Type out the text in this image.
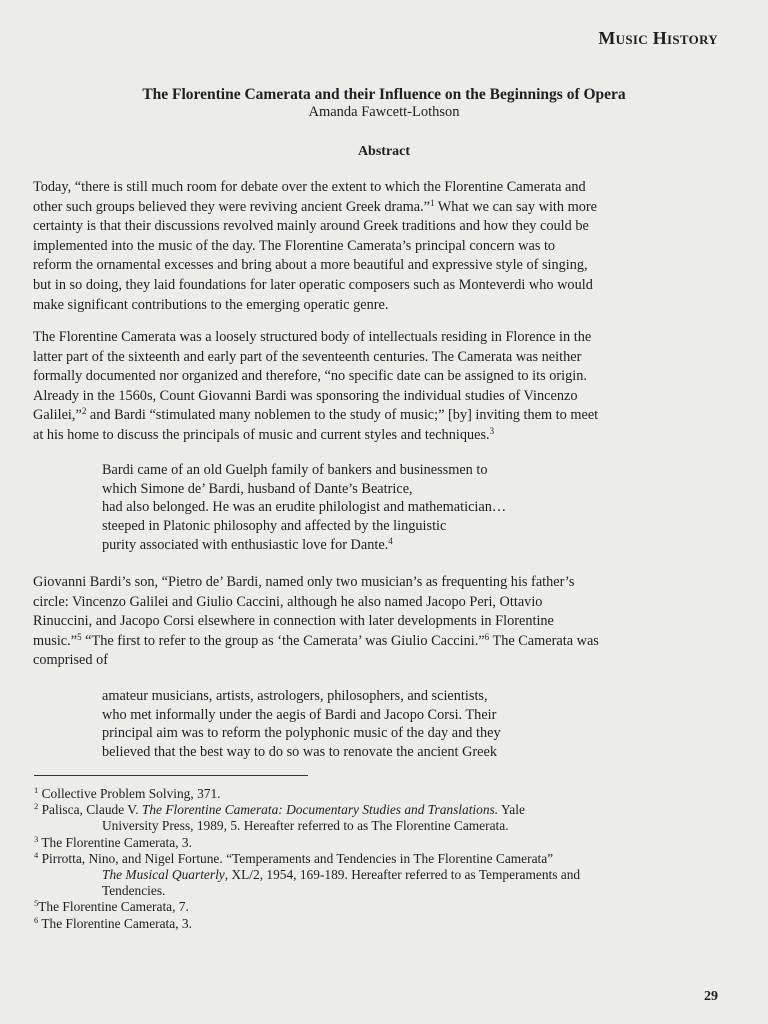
Music History
The Florentine Camerata and their Influence on the Beginnings of Opera
Amanda Fawcett-Lothson
Abstract
Today, “there is still much room for debate over the extent to which the Florentine Camerata and
other such groups believed they were reviving ancient Greek drama.”$^1$ What we can say with more
certainty is that their discussions revolved mainly around Greek traditions and how they could be
implemented into the music of the day. The Florentine Camerata’s principal concern was to
reform the ornamental excesses and bring about a more beautiful and expressive style of singing,
but in so doing, they laid foundations for later operatic composers such as Monteverdi who would
make significant contributions to the emerging operatic genre.
The Florentine Camerata was a loosely structured body of intellectuals residing in Florence in the
latter part of the sixteenth and early part of the seventeenth centuries. The Camerata was neither
formally documented nor organized and therefore, “no specific date can be assigned to its origin.
Already in the 1560s, Count Giovanni Bardi was sponsoring the individual studies of Vincenzo
Galilei,”$^2$ and Bardi “stimulated many noblemen to the study of music;” [by] inviting them to meet
at his home to discuss the principals of music and current styles and techniques.$^3$
Bardi came of an old Guelph family of bankers and businessmen to
which Simone de’ Bardi, husband of Dante’s Beatrice,
had also belonged. He was an erudite philologist and mathematician…
steeped in Platonic philosophy and affected by the linguistic
purity associated with enthusiastic love for Dante.$^4$
Giovanni Bardi’s son, “Pietro de’ Bardi, named only two musician’s as frequenting his father’s
circle: Vincenzo Galilei and Giulio Caccini, although he also named Jacopo Peri, Ottavio
Rinuccini, and Jacopo Corsi elsewhere in connection with later developments in Florentine
music.”$^5$ “The first to refer to the group as ‘the Camerata’ was Giulio Caccini.”$^6$ The Camerata was
comprised of
amateur musicians, artists, astrologers, philosophers, and scientists,
who met informally under the aegis of Bardi and Jacopo Corsi. Their
principal aim was to reform the polyphonic music of the day and they
believed that the best way to do so was to renovate the ancient Greek
$^1$ Collective Problem Solving, 371.
$^2$ Palisca, Claude V. The Florentine Camerata: Documentary Studies and Translations. Yale
University Press, 1989, 5. Hereafter referred to as The Florentine Camerata.
$^3$ The Florentine Camerata, 3.
$^4$ Pirrotta, Nino, and Nigel Fortune. “Temperaments and Tendencies in The Florentine Camerata”
The Musical Quarterly, XL/2, 1954, 169-189. Hereafter referred to as Temperaments and
Tendencies.
$^5$The Florentine Camerata, 7.
$^6$ The Florentine Camerata, 3.
29
